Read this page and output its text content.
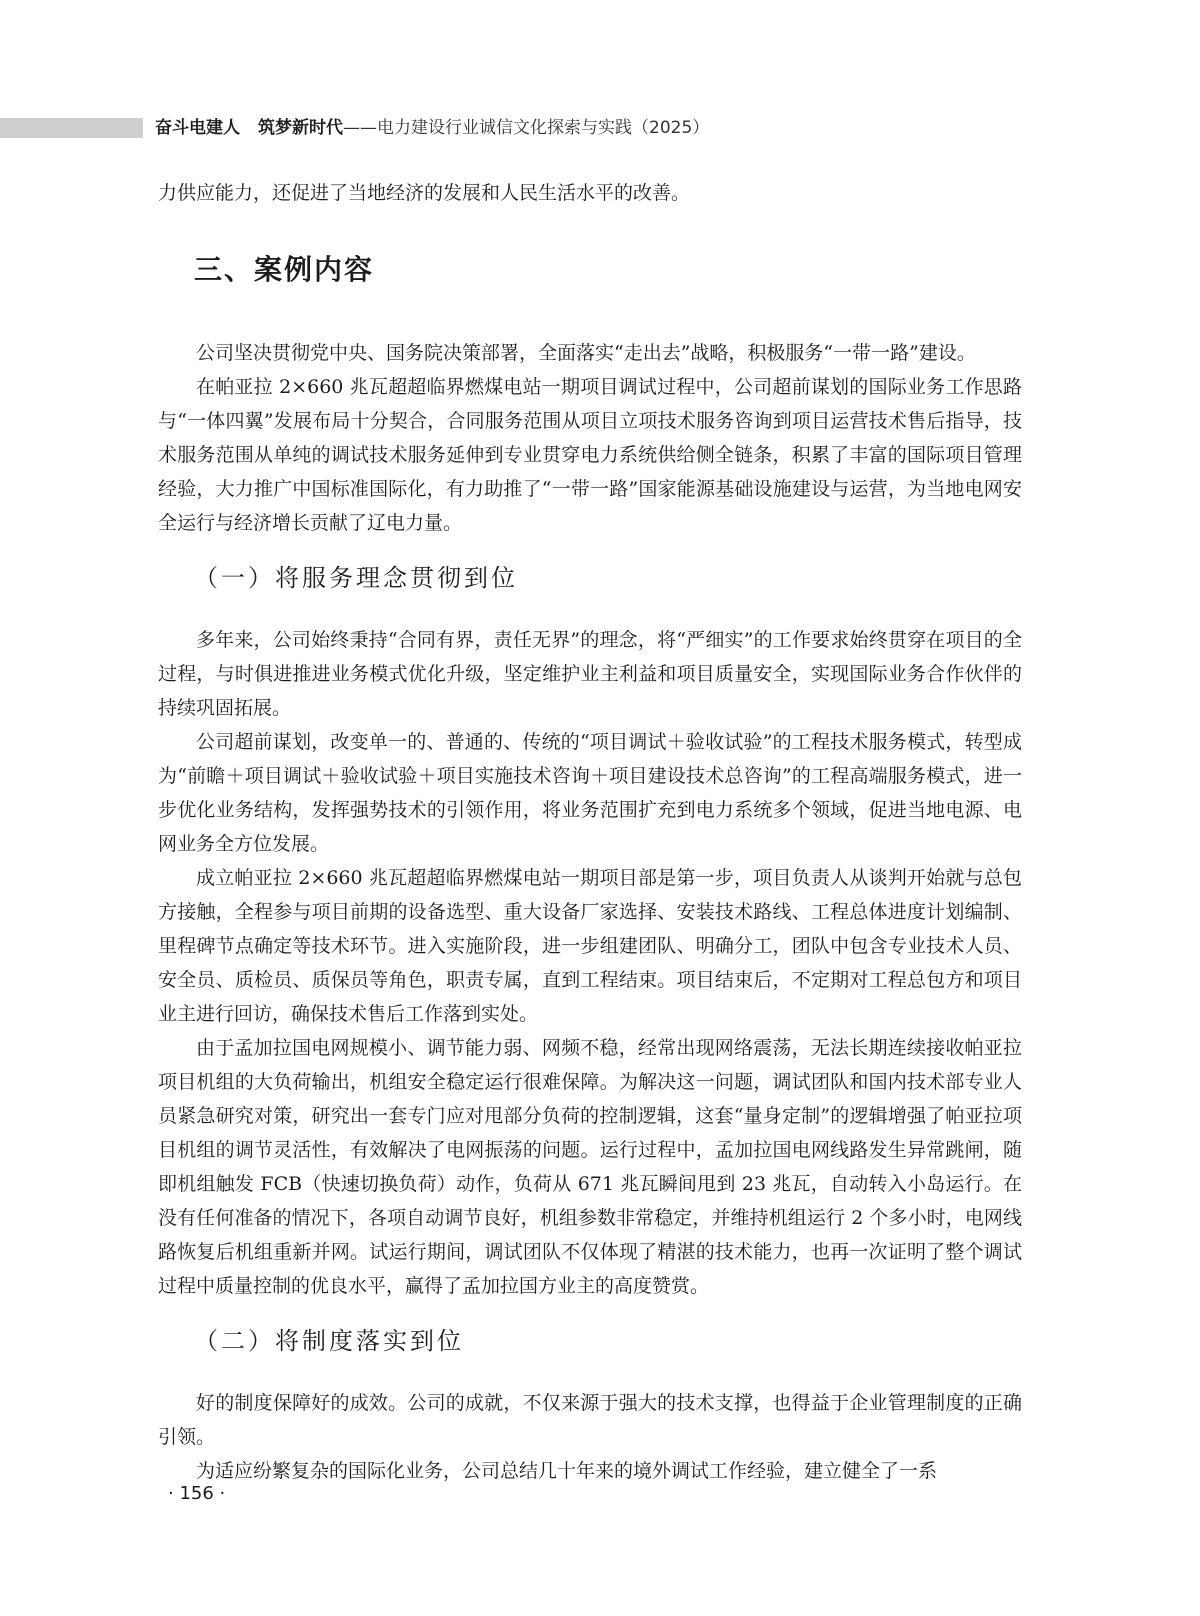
奋斗电建人 筑梦新时代——电力建设行业诚信文化探索与实践（2025）

力供应能力，还促进了当地经济的发展和人民生活水平的改善。

三、案例内容

公司坚决贯彻党中央、国务院决策部署，全面落实“走出去”战略，积极服务“一带一路”建设。

在帕亚拉 2×660 兆瓦超超临界燃煤电站一期项目调试过程中，公司超前谋划的国际业务工作思路与“一体四翼”发展布局十分契合，合同服务范围从项目立项技术服务咨询到项目运营技术售后指导，技术服务范围从单纯的调试技术服务延伸到专业贯穿电力系统供给侧全链条，积累了丰富的国际项目管理经验，大力推广中国标准国际化，有力助推了“一带一路”国家能源基础设施建设与运营，为当地电网安全运行与经济增长贡献了辽电力量。

（一）将服务理念贯彻到位

多年来，公司始终秉持“合同有界，责任无界”的理念，将“严细实”的工作要求始终贯穿在项目的全过程，与时俱进推进业务模式优化升级，坚定维护业主利益和项目质量安全，实现国际业务合作伙伴的持续巩固拓展。

公司超前谋划，改变单一的、普通的、传统的“项目调试＋验收试验”的工程技术服务模式，转型成为“前瞻＋项目调试＋验收试验＋项目实施技术咨询＋项目建设技术总咨询”的工程高端服务模式，进一步优化业务结构，发挥强势技术的引领作用，将业务范围扩充到电力系统多个领域，促进当地电源、电网业务全方位发展。

成立帕亚拉 2×660 兆瓦超超临界燃煤电站一期项目部是第一步，项目负责人从谈判开始就与总包方接触，全程参与项目前期的设备选型、重大设备厂家选择、安装技术路线、工程总体进度计划编制、里程碑节点确定等技术环节。进入实施阶段，进一步组建团队、明确分工，团队中包含专业技术人员、安全员、质检员、质保员等角色，职责专属，直到工程结束。项目结束后，不定期对工程总包方和项目业主进行回访，确保技术售后工作落到实处。

由于孟加拉国电网规模小、调节能力弱、网频不稳，经常出现网络震荡，无法长期连续接收帕亚拉项目机组的大负荷输出，机组安全稳定运行很难保障。为解决这一问题，调试团队和国内技术部专业人员紧急研究对策，研究出一套专门应对甩部分负荷的控制逻辑，这套“量身定制”的逻辑增强了帕亚拉项目机组的调节灵活性，有效解决了电网振荡的问题。运行过程中，孟加拉国电网线路发生异常跳闸，随即机组触发 FCB（快速切换负荷）动作，负荷从 671 兆瓦瞬间甩到 23 兆瓦，自动转入小岛运行。在没有任何准备的情况下，各项自动调节良好，机组参数非常稳定，并维持机组运行 2 个多小时，电网线路恢复后机组重新并网。试运行期间，调试团队不仅体现了精湛的技术能力，也再一次证明了整个调试过程中质量控制的优良水平，赢得了孟加拉国方业主的高度赞赏。

（二）将制度落实到位

好的制度保障好的成效。公司的成就，不仅来源于强大的技术支撑，也得益于企业管理制度的正确引领。

为适应纷繁复杂的国际化业务，公司总结几十年来的境外调试工作经验，建立健全了一系

· 156 ·
